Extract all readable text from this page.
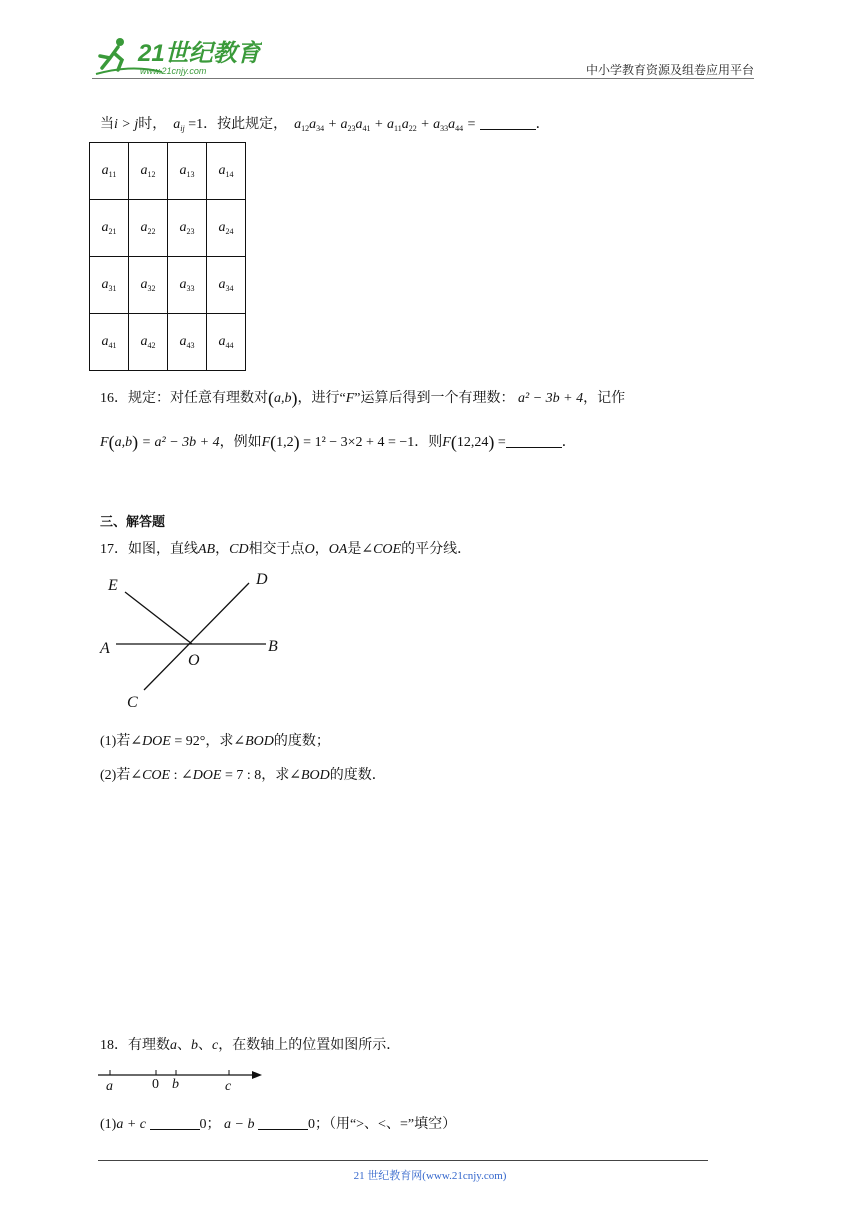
21世纪教育
www.21cnjy.com	中小学教育资源及组卷应用平台
当i > j时， $a_{ij} =1$．按此规定， $a_{12}a_{34} + a_{23}a_{41} + a_{11}a_{22} + a_{33}a_{44}$ =	．
$a_{11}$	$a_{12}$	$a_{13}$	$a_{14}$
$a_{21}$	$a_{22}$	$a_{23}$	$a_{24}$
$a_{31}$	$a_{32}$	$a_{33}$	$a_{34}$
$a_{41}$	$a_{42}$	$a_{43}$	$a_{44}$
16．规定：对任意有理数对(a,b)，进行“F”运算后得到一个有理数： a² − 3b + 4，记作
F(a,b) = a² − 3b + 4，例如F(1,2) = 1² − 3×2 + 4 = −1．则F(12,24) =	．
三、解答题
17．如图，直线AB，CD相交于点O，OA是∠COE的平分线．
E	D
A	B
O
C
(1)若∠DOE = 92°，求∠BOD的度数；
(2)若∠COE : ∠DOE = 7 : 8，求∠BOD的度数．
18．有理数a、b、c，在数轴上的位置如图所示．
a	0 b	c
(1)a + c	0； a − b	0；（用“>、<、=”填空）
21 世纪教育网(www.21cnjy.com)
